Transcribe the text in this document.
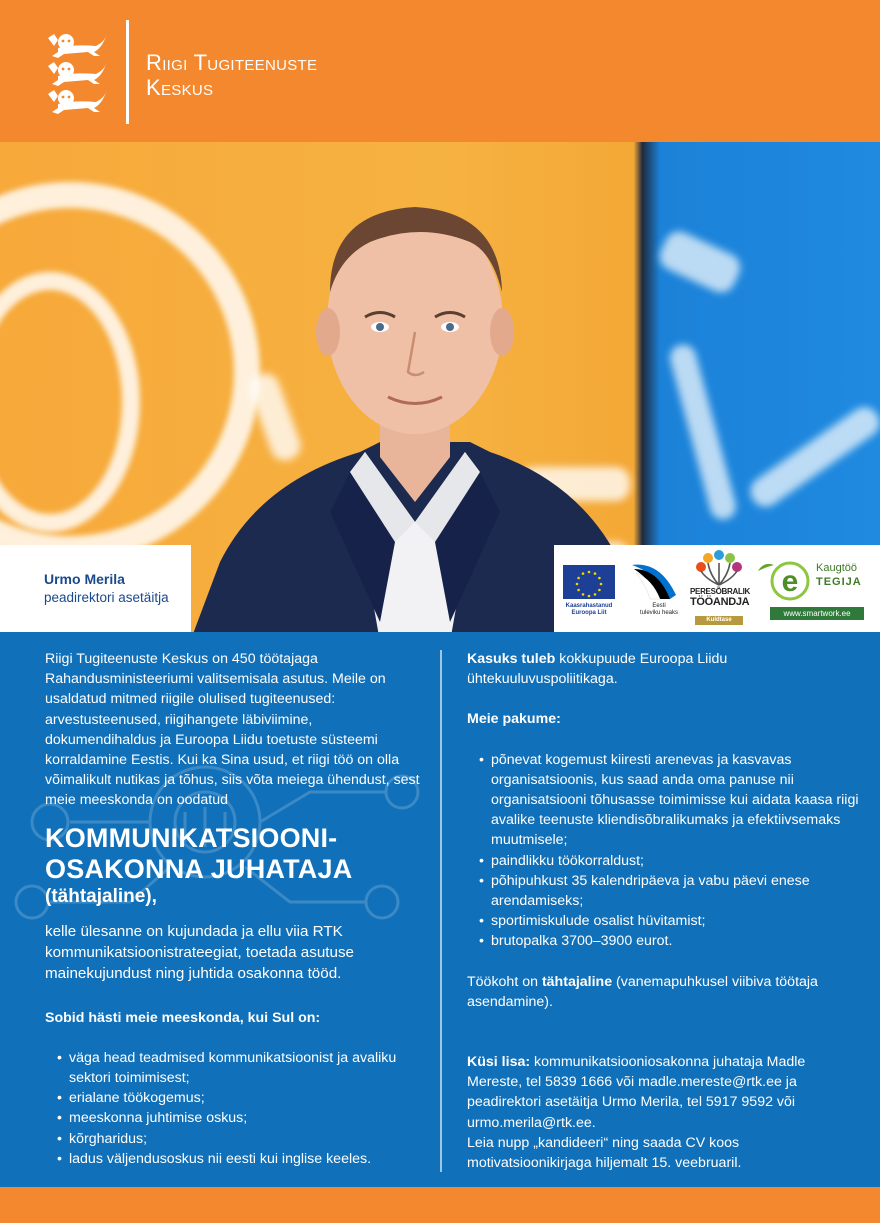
Riigi Tugiteenuste
Keskus
Urmo Merila
peadirektori asetäitja
Kaasrahastanud
Euroopa Liit
Eesti
tuleviku heaks
PERESÕBRALIK
TÖÖANDJA
Kuldtase
e Kaugtöö
TEGIJA
www.smartwork.ee

Riigi Tugiteenuste Keskus on 450 töötajaga Rahandusministeeriumi valitsemisala asutus. Meile on usaldatud mitmed riigile olulised tugiteenused: arvestusteenused, riigihangete läbiviimine, dokumendihaldus ja Euroopa Liidu toetuste süsteemi korraldamine Eestis. Kui ka Sina usud, et riigi töö on olla võimalikult nutikas ja tõhus, siis võta meiega ühendust, sest meie meeskonda on oodatud

KOMMUNIKATSIOONI-
OSAKONNA JUHATAJA
(tähtajaline),

kelle ülesanne on kujundada ja ellu viia RTK kommunikatsioonistrateegiat, toetada asutuse mainekujundust ning juhtida osakonna tööd.

Sobid hästi meie meeskonda, kui Sul on:
• väga head teadmised kommunikatsioonist ja avaliku sektori toimimisest;
• erialane töökogemus;
• meeskonna juhtimise oskus;
• kõrgharidus;
• ladus väljendusoskus nii eesti kui inglise keeles.

Kasuks tuleb kokkupuude Euroopa Liidu ühtekuuluvuspoliitikaga.

Meie pakume:
• põnevat kogemust kiiresti arenevas ja kasvavas organisatsioonis, kus saad anda oma panuse nii organisatsiooni tõhusasse toimimisse kui aidata kaasa riigi avalike teenuste kliendisõbralikumaks ja efektiivsemaks muutmisele;
• paindlikku töökorraldust;
• põhipuhkust 35 kalendripäeva ja vabu päevi enese arendamiseks;
• sportimiskulude osalist hüvitamist;
• brutopalka 3700–3900 eurot.

Töökoht on tähtajaline (vanemapuhkusel viibiva töötaja asendamine).

Küsi lisa: kommunikatsiooniosakonna juhataja Madle Mereste, tel 5839 1666 või madle.mereste@rtk.ee ja peadirektori asetäitja Urmo Merila, tel 5917 9592 või urmo.merila@rtk.ee.

Leia nupp „kandideeri“ ning saada CV koos motivatsioonikirjaga hiljemalt 15. veebruaril.
